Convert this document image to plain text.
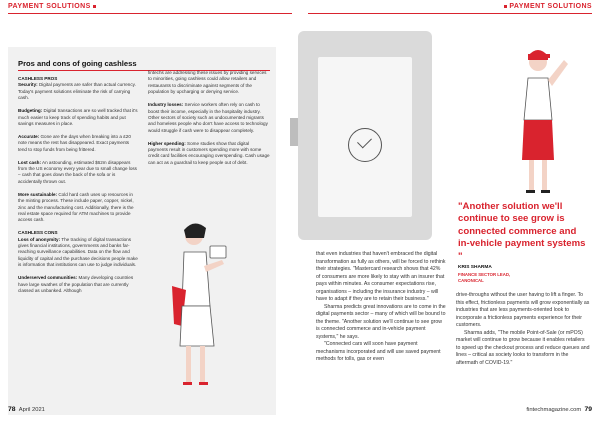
PAYMENT SOLUTIONS	PAYMENT SOLUTIONS
Pros and cons of going cashless

CASHLESS PROS
Security: Digital payments are safer than actual currency. Today's payment solutions eliminate the risk of carrying cash.

Budgeting: Digital transactions are so well tracked that it's much easier to keep track of spending habits and put savings measures in place.

Accurate: Gone are the days when breaking into a £20 note means the rest has disappeared. Exact payments tend to stop funds from being frittered.

Lost cash: An astounding, estimated $62m disappears from the US economy every year due to small change loss – cash that goes down the back of the sofa or is accidentally thrown out.

More sustainable: Cold hard cash uses up resources in the minting process. These include paper, copper, nickel, zinc and the manufacturing cost. Additionally, there is the real estate space required for ATM machines to provide access cash.

CASHLESS CONS
Loss of anonymity: The tracking of digital transactions gives financial institutions, governments and banks far-reaching surveillance capabilities. Data on the flow and liquidity of capital and the purchase decisions people make is information that institutions can use to judge individuals.

Underserved communities: Many developing countries have large swathes of the population that are currently classed as unbanked. Although

fintechs are addressing these issues by providing services to minorities, going cashless could allow retailers and restaurants to discriminate against segments of the population by upcharging or denying service.

Industry losses: Service workers often rely on cash to boost their income, especially in the hospitality industry. Other sectors of society such as undocumented migrants and homeless people who don't have access to technology would struggle if cash were to disappear completely.

Higher spending: Some studies show that digital payments result in customers spending more with some credit card facilities encouraging overspending. Cash usage can act as a guardrail to keep people out of debt.

that even industries that haven't embraced the digital transformation as fully as others, will be forced to rethink their strategies. "Mastercard research shows that 42% of consumers are more likely to stay with an insurer that pays within minutes. As consumer expectations rise, organisations – including the insurance industry – will have to adapt if they are to retain their business."

Sharma predicts great innovations are to come in the digital payments sector – many of which will be bound to the theme. "Another solution we'll continue to see grow is connected commerce and in-vehicle payment systems," he says.

"Connected cars will soon have payment mechanisms incorporated and will use saved payment methods for tolls, gas or even

"Another solution we'll continue to see grow is connected commerce and in-vehicle payment systems "
KRIS SHARMA
FINANCE SECTOR LEAD,
CANONICAL

drive-throughs without the user having to lift a finger. To this effect, frictionless payments will grow exponentially as industries that are less payments-oriented look to incorporate a frictionless payments experience for their customers.

Sharma adds, "The mobile Point-of-Sale (or mPOS) market will continue to grow because it enables retailers to speed up the checkout process and reduce queues and lines – critical as society looks to transform in the aftermath of COVID-19."

78 April 2021	fintechmagazine.com 79
